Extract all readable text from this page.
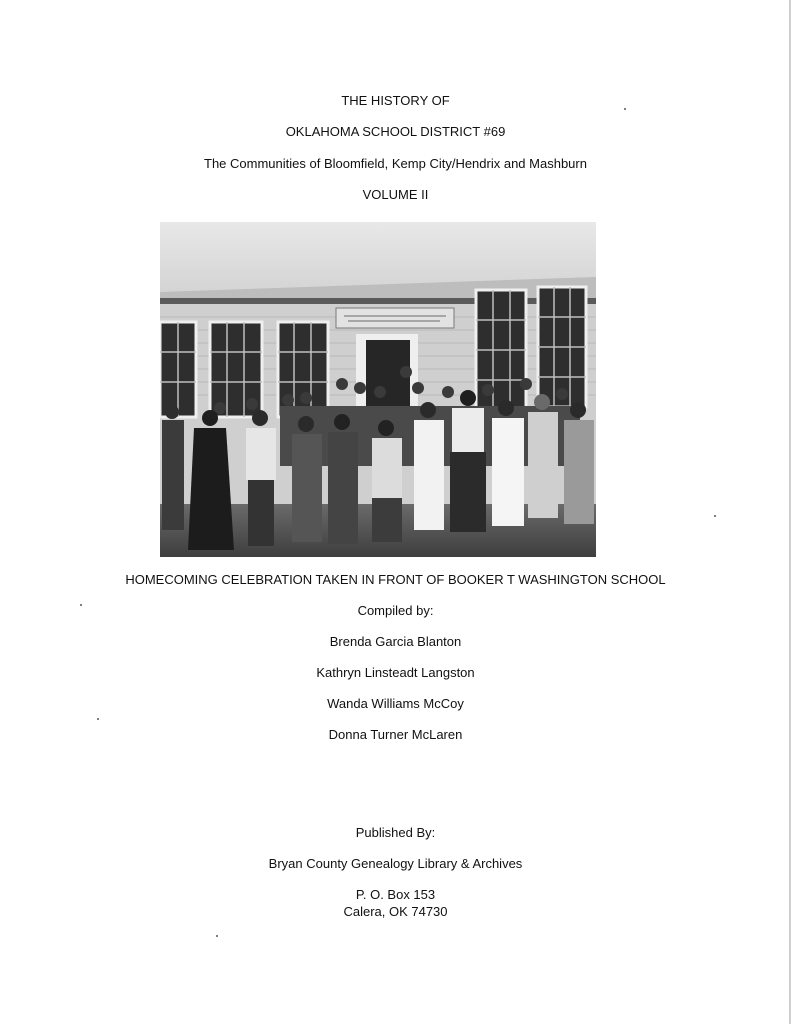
THE HISTORY OF
OKLAHOMA SCHOOL DISTRICT #69
The Communities of Bloomfield, Kemp City/Hendrix and Mashburn
VOLUME II
HOMECOMING CELEBRATION TAKEN IN FRONT OF BOOKER T WASHINGTON SCHOOL
Compiled by:
Brenda Garcia Blanton
Kathryn Linsteadt Langston
Wanda Williams McCoy
Donna Turner McLaren
Published By:
Bryan County Genealogy Library & Archives
P. O. Box 153
Calera, OK 74730
